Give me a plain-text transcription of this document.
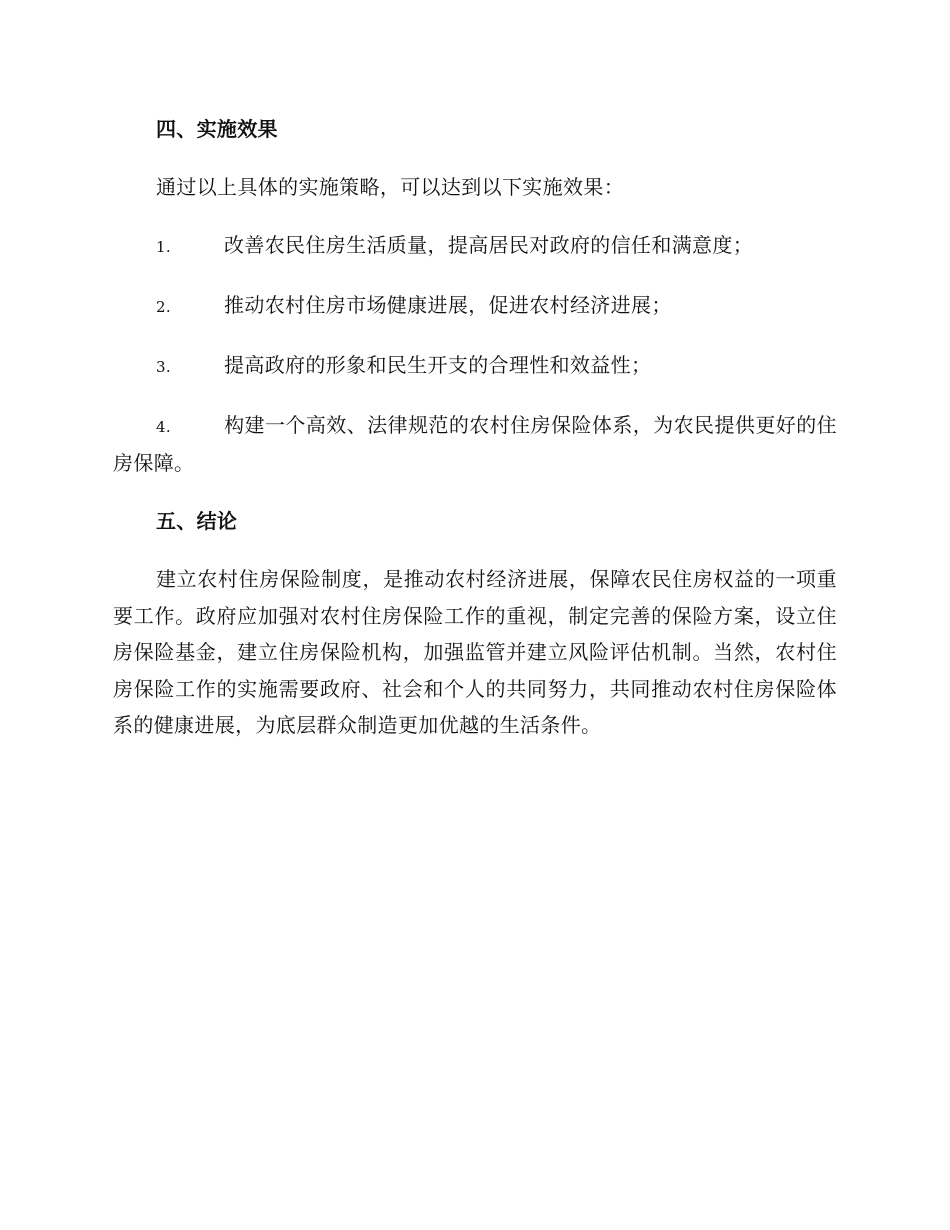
四、实施效果
通过以上具体的实施策略，可以达到以下实施效果：
1.	改善农民住房生活质量，提高居民对政府的信任和满意度；
2.	推动农村住房市场健康进展，促进农村经济进展；
3.	提高政府的形象和民生开支的合理性和效益性；
4.	构建一个高效、法律规范的农村住房保险体系，为农民提供更好的住房保障。
五、结论
建立农村住房保险制度，是推动农村经济进展，保障农民住房权益的一项重要工作。政府应加强对农村住房保险工作的重视，制定完善的保险方案，设立住房保险基金，建立住房保险机构，加强监管并建立风险评估机制。当然，农村住房保险工作的实施需要政府、社会和个人的共同努力，共同推动农村住房保险体系的健康进展，为底层群众制造更加优越的生活条件。
